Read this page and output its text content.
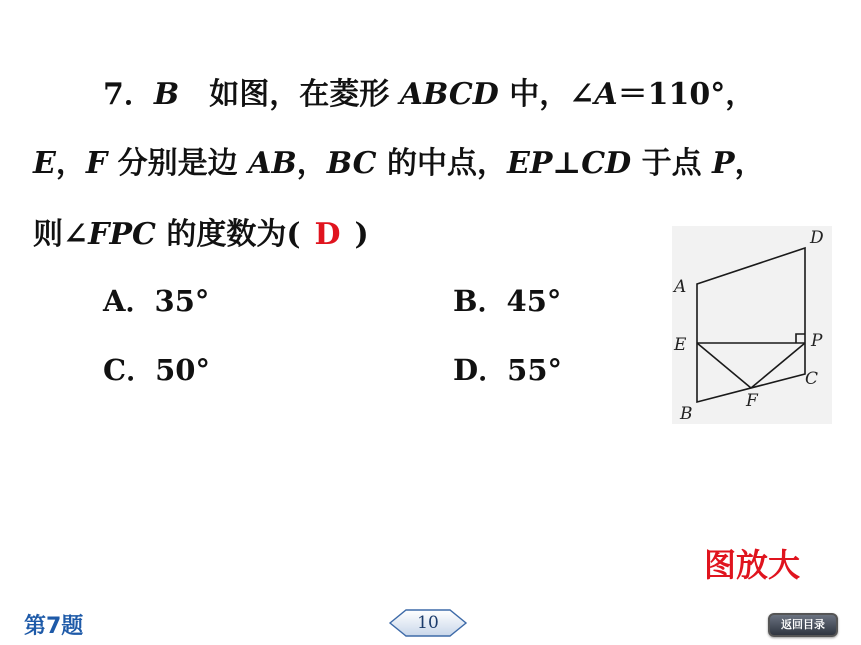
7．B　 如图，在菱形 ABCD 中，∠A＝110°，
E，F 分别是边 AB，BC 的中点，EP⊥CD 于点 P，
则∠FPC 的度数为( D )
A．35°	B．45°
C．50°	D．55°
A
D
E	P
C
F
B
图放大
第7题	10	返回目录
